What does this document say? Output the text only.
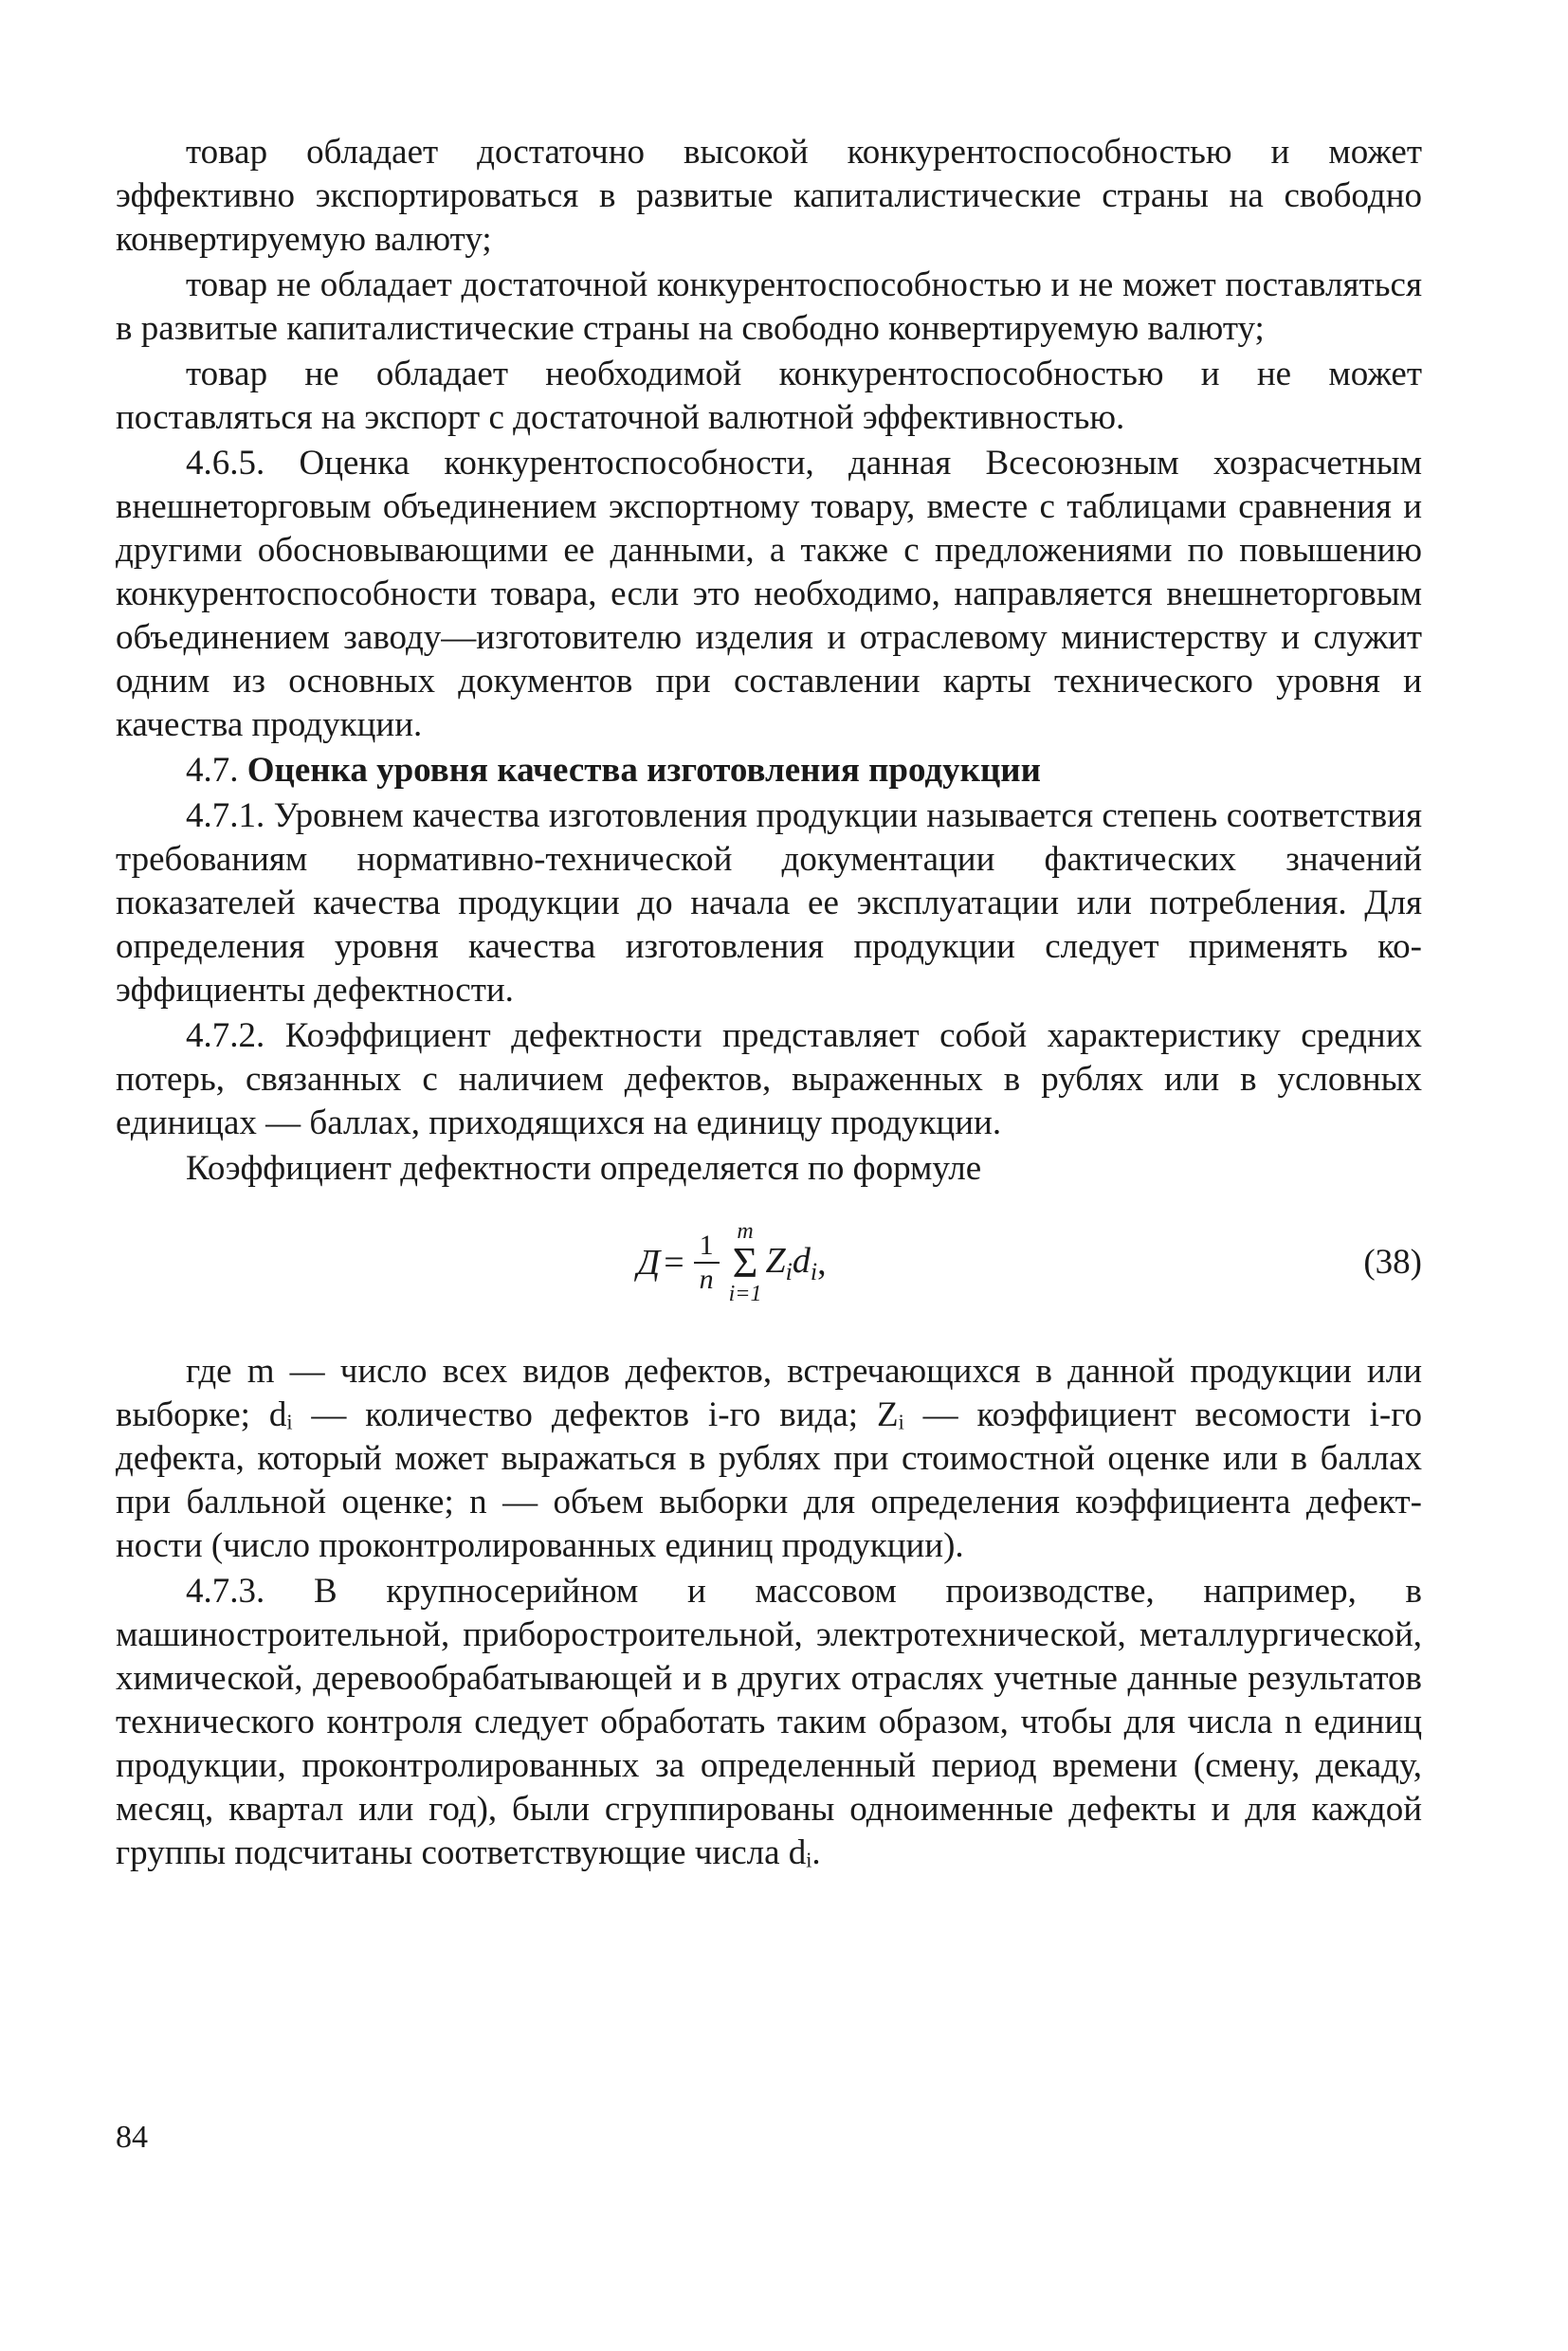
товар обладает достаточно высокой конкурентоспособностью и может эффективно экспортироваться в развитые капиталистические страны на свободно конвертируемую валюту;

товар не обладает достаточной конкурентоспособностью и не может поставляться в развитые капиталистические страны на свободно конвертируемую валюту;

товар не обладает необходимой конкурентоспособностью и не может поставляться на экспорт с достаточной валютной эффективностью.

4.6.5. Оценка конкурентоспособности, данная Всесоюзным хозрасчетным внешнеторговым объединением экспортному товару, вместе с таблицами сравнения и другими обосновывающими ее данными, а также с предложениями по повышению конкурентоспособности товара, если это необходимо, направляется внешнеторговым объединением заводу—изготовителю изделия и отраслевому министерству и служит одним из основных документов при составлении карты технического уровня и качества продукции.

4.7. Оценка уровня качества изготовления продукции

4.7.1. Уровнем качества изготовления продукции называется степень соответствия требованиям нормативно-технической документации фактических значений показателей качества продукции до начала ее эксплуатации или потребления. Для определения уровня качества изготовления продукции следует применять коэффициенты дефектности.

4.7.2. Коэффициент дефектности представляет собой характеристику средних потерь, связанных с наличием дефектов, выраженных в рублях или в условных единицах — баллах, приходящихся на единицу продукции.

Коэффициент дефектности определяется по формуле

$Д = \frac{1}{n}$ m
Σ
i=1
$Z_i$ $d_i$ ,	(38)

где m — число всех видов дефектов, встречающихся в данной продукции или выборке; dᵢ — количество дефектов i-го вида; Zᵢ — коэффициент весомости i-го дефекта, который может выражаться в рублях при стоимостной оценке или в баллах при балльной оценке; n — объем выборки для определения коэффициента дефектности (число проконтролированных единиц продукции).

4.7.3. В крупносерийном и массовом производстве, например, в машиностроительной, приборостроительной, электротехнической, металлургической, химической, деревообрабатывающей и в других отраслях учетные данные результатов технического контроля следует обработать таким образом, чтобы для числа n единиц продукции, проконтролированных за определенный период времени (смену, декаду, месяц, квартал или год), были сгруппированы одноименные дефекты и для каждой группы подсчитаны соответствующие числа dᵢ.

84
